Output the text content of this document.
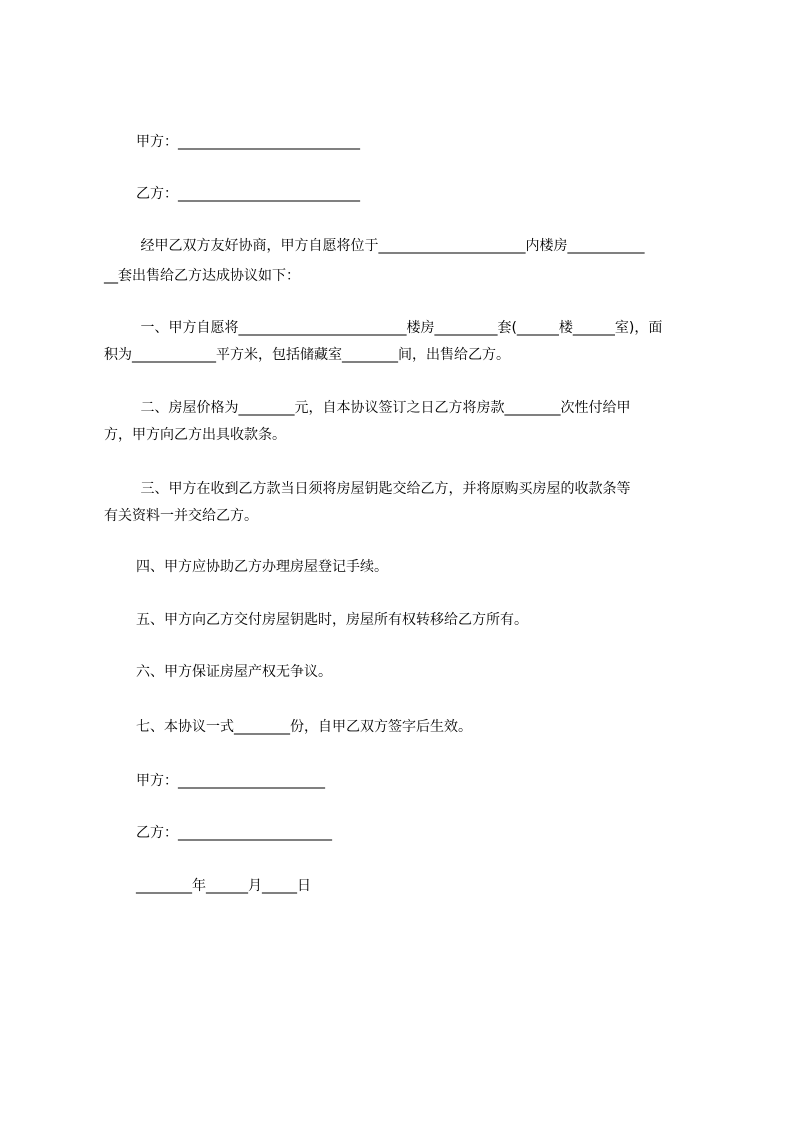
甲方：__________________________
乙方：__________________________
经甲乙双方友好协商，甲方自愿将位于_____________________内楼房___________
__套出售给乙方达成协议如下：
一、甲方自愿将________________________楼房_________套(______楼______室)，面
积为____________平方米，包括储藏室________间，出售给乙方。
二、房屋价格为________元，自本协议签订之日乙方将房款________次性付给甲
方，甲方向乙方出具收款条。
三、甲方在收到乙方款当日须将房屋钥匙交给乙方，并将原购买房屋的收款条等
有关资料一并交给乙方。
四、甲方应协助乙方办理房屋登记手续。
五、甲方向乙方交付房屋钥匙时，房屋所有权转移给乙方所有。
六、甲方保证房屋产权无争议。
七、本协议一式________份，自甲乙双方签字后生效。
甲方：_____________________
乙方：______________________
________年______月_____日
